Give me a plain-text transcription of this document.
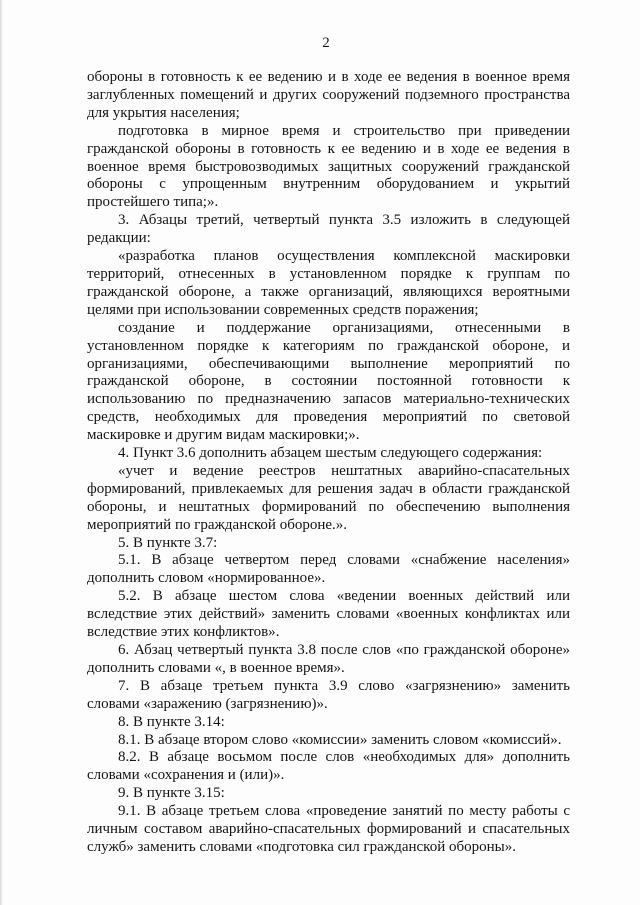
2

обороны в готовность к ее ведению и в ходе ее ведения в военное время заглубленных помещений и других сооружений подземного пространства для укрытия населения;

подготовка в мирное время и строительство при приведении гражданской обороны в готовность к ее ведению и в ходе ее ведения в военное время быстровозводимых защитных сооружений гражданской обороны с упрощенным внутренним оборудованием и укрытий простейшего типа;».

3. Абзацы третий, четвертый пункта 3.5 изложить в следующей редакции:

«разработка планов осуществления комплексной маскировки территорий, отнесенных в установленном порядке к группам по гражданской обороне, а также организаций, являющихся вероятными целями при использовании современных средств поражения;

создание и поддержание организациями, отнесенными в установленном порядке к категориям по гражданской обороне, и организациями, обеспечивающими выполнение мероприятий по гражданской обороне, в состоянии постоянной готовности к использованию по предназначению запасов материально-технических средств, необходимых для проведения мероприятий по световой маскировке и другим видам маскировки;».

4. Пункт 3.6 дополнить абзацем шестым следующего содержания:

«учет и ведение реестров нештатных аварийно-спасательных формирований, привлекаемых для решения задач в области гражданской обороны, и нештатных формирований по обеспечению выполнения мероприятий по гражданской обороне.».

5. В пункте 3.7:

5.1. В абзаце четвертом перед словами «снабжение населения» дополнить словом «нормированное».

5.2. В абзаце шестом слова «ведении военных действий или вследствие этих действий» заменить словами «военных конфликтах или вследствие этих конфликтов».

6. Абзац четвертый пункта 3.8 после слов «по гражданской обороне» дополнить словами «, в военное время».

7. В абзаце третьем пункта 3.9 слово «загрязнению» заменить словами «заражению (загрязнению)».

8. В пункте 3.14:

8.1. В абзаце втором слово «комиссии» заменить словом «комиссий».

8.2. В абзаце восьмом после слов «необходимых для» дополнить словами «сохранения и (или)».

9. В пункте 3.15:

9.1. В абзаце третьем слова «проведение занятий по месту работы с личным составом аварийно-спасательных формирований и спасательных служб» заменить словами «подготовка сил гражданской обороны».
